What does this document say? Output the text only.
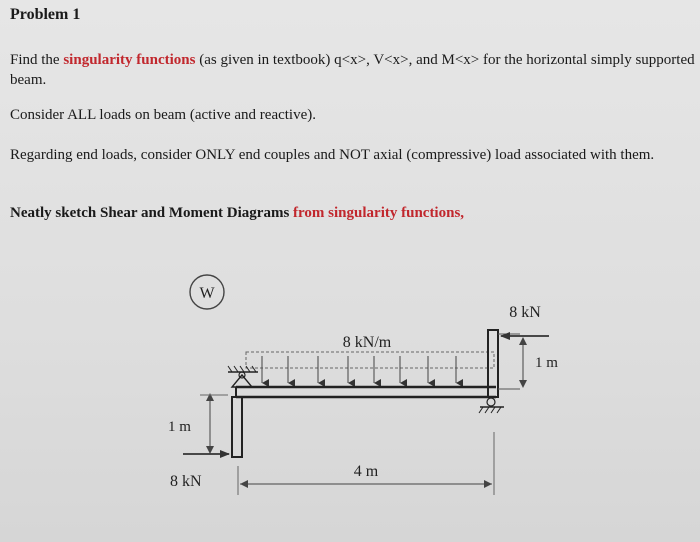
Problem 1
Find the singularity functions (as given in textbook) q<x>, V<x>, and M<x> for the horizontal simply supported beam.
Consider ALL loads on beam (active and reactive).
Regarding end loads, consider ONLY end couples and NOT axial (compressive) load associated with them.
Neatly sketch Shear and Moment Diagrams from singularity functions,
W
8 kN/m
8 kN
1 m
1 m
8 kN
4 m
